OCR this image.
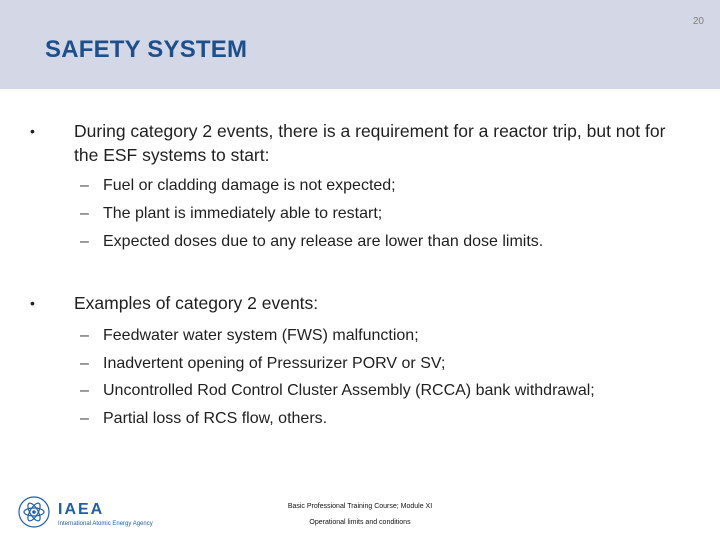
20
SAFETY SYSTEM
• During category 2 events, there is a requirement for a reactor trip, but not for the ESF systems to start:
– Fuel or cladding damage is not expected;
– The plant is immediately able to restart;
– Expected doses due to any release are lower than dose limits.
• Examples of category 2 events:
– Feedwater water system (FWS) malfunction;
– Inadvertent opening of Pressurizer PORV or SV;
– Uncontrolled Rod Control Cluster Assembly (RCCA) bank withdrawal;
– Partial loss of RCS flow, others.
IAEA
International Atomic Energy Agency
Basic Professional Training Course; Module XI
Operational limits and conditions
